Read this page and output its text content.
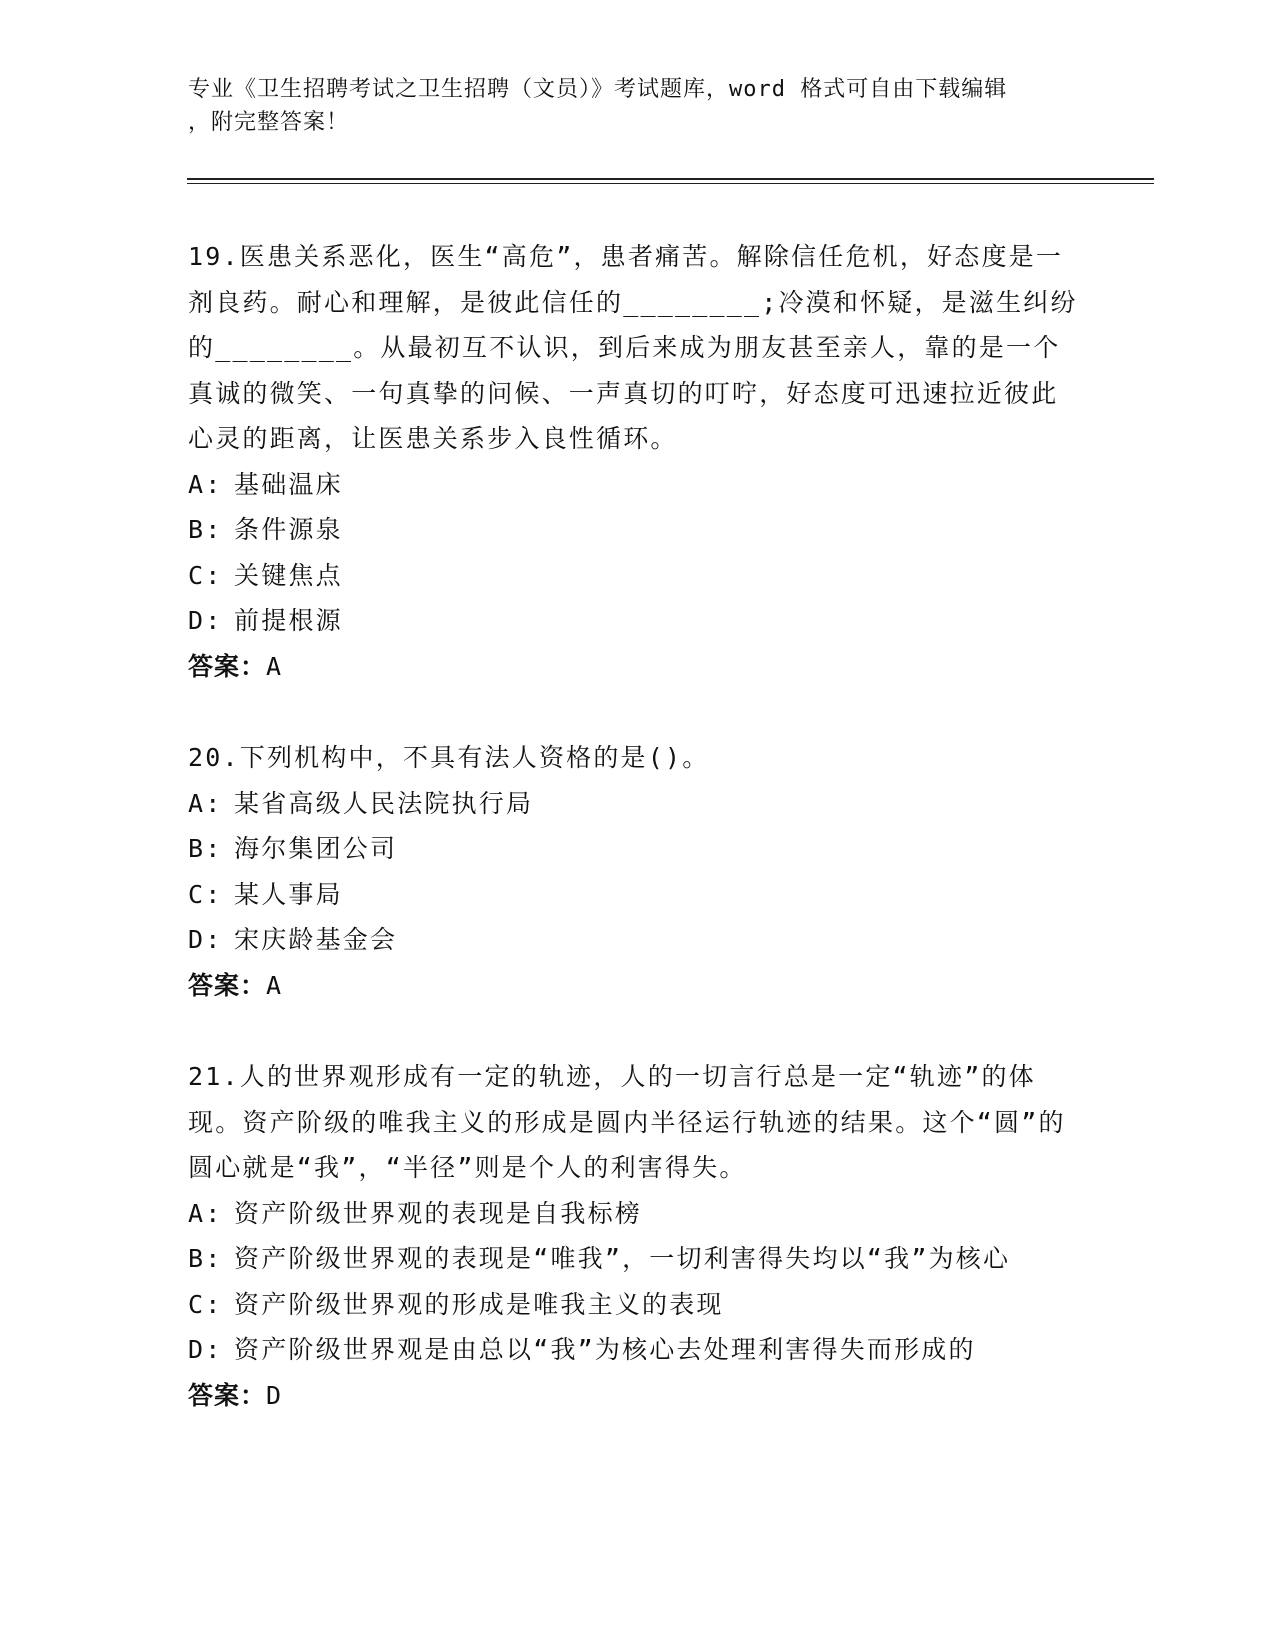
专业《卫生招聘考试之卫生招聘（文员）》考试题库，word 格式可自由下载编辑
，附完整答案！
19.医患关系恶化，医生“高危”，患者痛苦。解除信任危机，好态度是一剂良药。耐心和理解，是彼此信任的________;冷漠和怀疑，是滋生纠纷的________。从最初互不认识，到后来成为朋友甚至亲人，靠的是一个真诚的微笑、一句真挚的问候、一声真切的叮咛，好态度可迅速拉近彼此心灵的距离，让医患关系步入良性循环。
A: 基础温床
B: 条件源泉
C: 关键焦点
D: 前提根源
答案：A
20.下列机构中，不具有法人资格的是()。
A: 某省高级人民法院执行局
B: 海尔集团公司
C: 某人事局
D: 宋庆龄基金会
答案：A
21.人的世界观形成有一定的轨迹，人的一切言行总是一定“轨迹”的体现。资产阶级的唯我主义的形成是圆内半径运行轨迹的结果。这个“圆”的圆心就是“我”，“半径”则是个人的利害得失。
A: 资产阶级世界观的表现是自我标榜
B: 资产阶级世界观的表现是“唯我”，一切利害得失均以“我”为核心
C: 资产阶级世界观的形成是唯我主义的表现
D: 资产阶级世界观是由总以“我”为核心去处理利害得失而形成的
答案：D
